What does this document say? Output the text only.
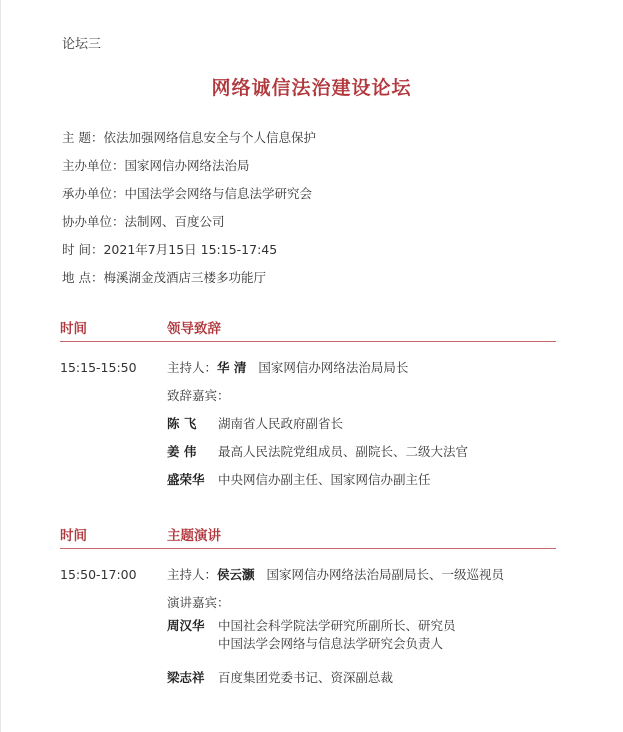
论坛三
网络诚信法治建设论坛
主 题：依法加强网络信息安全与个人信息保护
主办单位：国家网信办网络法治局
承办单位：中国法学会网络与信息法学研究会
协办单位：法制网、百度公司
时 间：2021年7月15日 15:15-17:45
地 点：梅溪湖金茂酒店三楼多功能厅
时间	领导致辞
15:15-15:50 主持人：华 清 国家网信办网络法治局局长
致辞嘉宾：
陈 飞	湖南省人民政府副省长
姜 伟	最高人民法院党组成员、副院长、二级大法官
盛荣华	中央网信办副主任、国家网信办副主任
时间	主题演讲
15:50-17:00 主持人：侯云灏 国家网信办网络法治局副局长、一级巡视员
演讲嘉宾：
周汉华	中国社会科学院法学研究所副所长、研究员
中国法学会网络与信息法学研究会负责人
梁志祥	百度集团党委书记、资深副总裁
